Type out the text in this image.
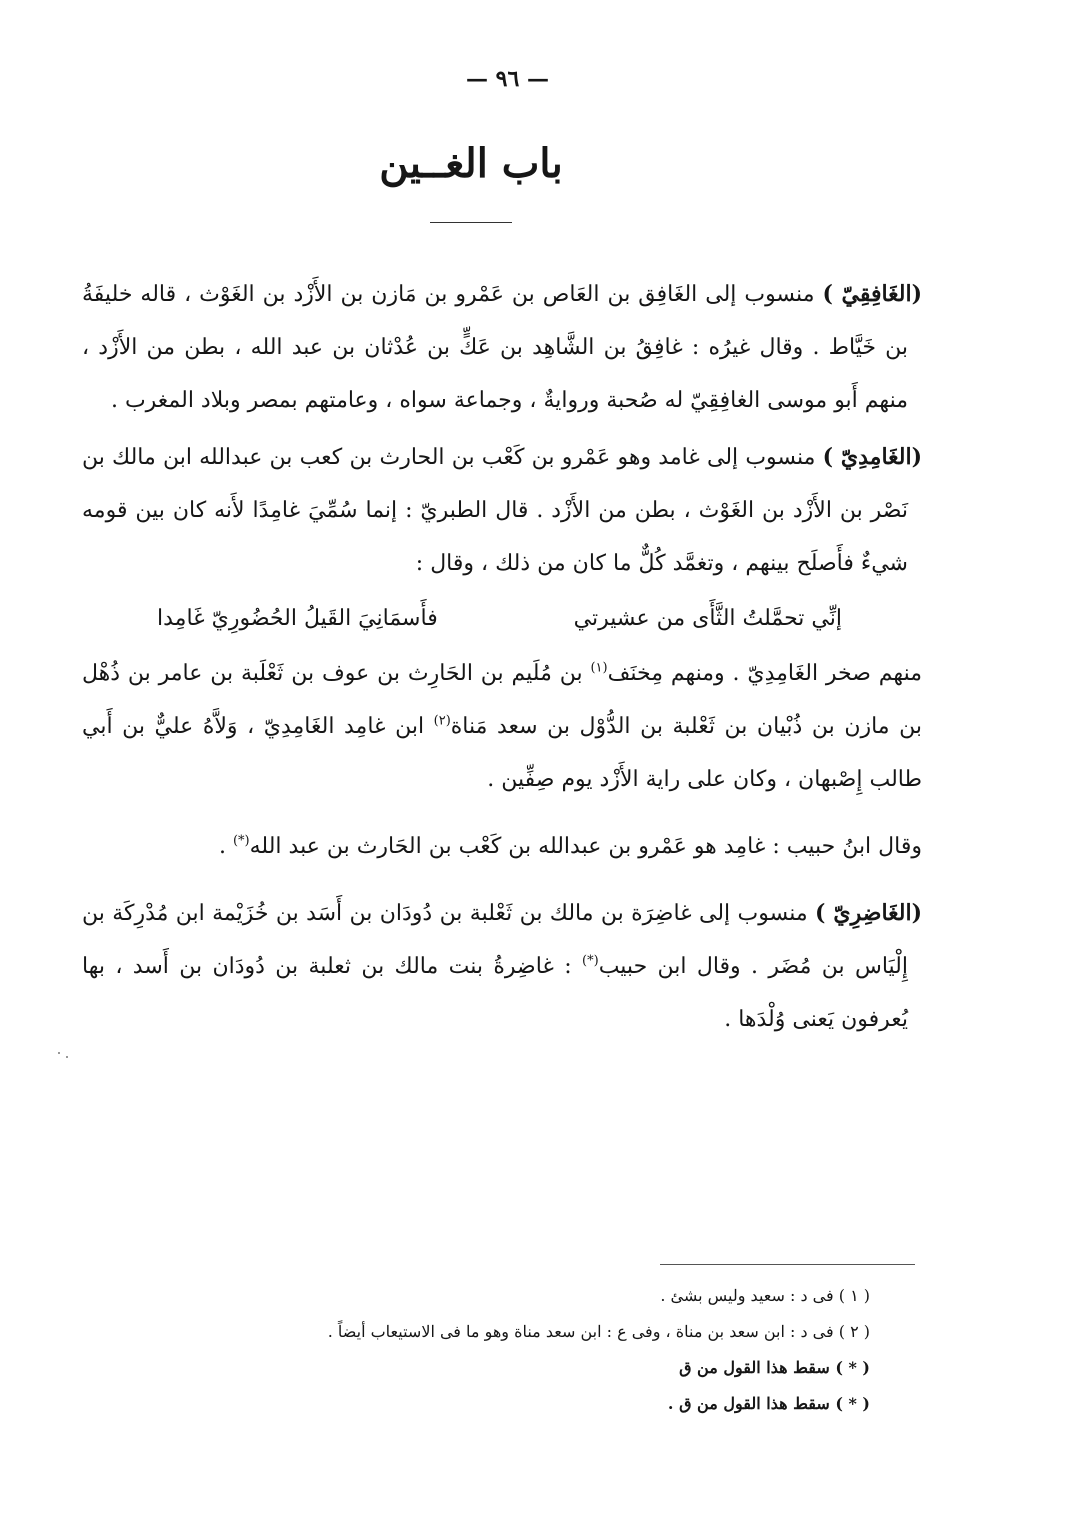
— ٩٦ —
باب الغــين

(الغَافِقِيّ ) منسوب إلى الغَافِق بن العَاص بن عَمْرو بن مَازن بن الأَزْد بن الغَوْث ، قاله خليفَةُ بن خَيَّاط . وقال غيرُه : غافِقُ بن الشَّاهِد بن عَكٍّ بن عُدْثان بن عبد الله ، بطن من الأَزْد ، منهم أَبو موسى الغافِقِيّ له صُحبة وروايةٌ ، وجماعة سواه ، وعامتهم بمصر وبلاد المغرب .

(الغَامِدِيّ ) منسوب إلى غامد وهو عَمْرو بن كَعْب بن الحارث بن كعب بن عبدالله ابن مالك بن نَصْر بن الأَزْد بن الغَوْث ، بطن من الأَزْد . قال الطبريّ : إنما سُمِّيَ غامِدًا لأَنه كان بين قومه شيءٌ فأَصلَح بينهم ، وتغمَّد كُلٌّ ما كان من ذلك ، وقال :

إنِّي تحمَّلتُ الثَّأَى من عشيرتي
فأَسمَانِيَ القَيلُ الحُضُورِيّ غَامِدا

منهم صخر الغَامِدِيّ . ومنهم مِخنَف$^{(١)}$ بن مُلَيم بن الحَارِث بن عوف بن ثَعْلَبة بن عامر بن ذُهْل بن مازن بن ذُبْيان بن ثَعْلبة بن الدُّوْل بن سعد مَناة$^{(٢)}$ ابن غامِد الغَامِدِيّ ، وَلاَّهُ عليٌّ بن أَبي طالب إِصْبهان ، وكان على راية الأَزْد يوم صِفِّين .

وقال ابنُ حبيب : غامِد هو عَمْرو بن عبدالله بن كَعْب بن الحَارث بن عبد الله(*) .

(الغَاضِرِيّ ) منسوب إلى غاضِرَة بن مالك بن ثَعْلبة بن دُودَان بن أَسَد بن خُزَيْمة ابن مُدْرِكَة بن إِلْيَاس بن مُضَر . وقال ابن حبيب(*) : غاضِرةُ بنت مالك بن ثعلبة بن دُودَان بن أَسد ، بها يُعرفون يَعنى وُلْدَها .

( ١ ) فى د : سعيد وليس بشئ .

( ٢ ) فى د : ابن سعد بن مناة ، وفى ع : ابن سعد مناة وهو ما فى الاستيعاب أيضاً .

( * ) سقط هذا القول من ق

( * ) سقط هذا القول من ق .
